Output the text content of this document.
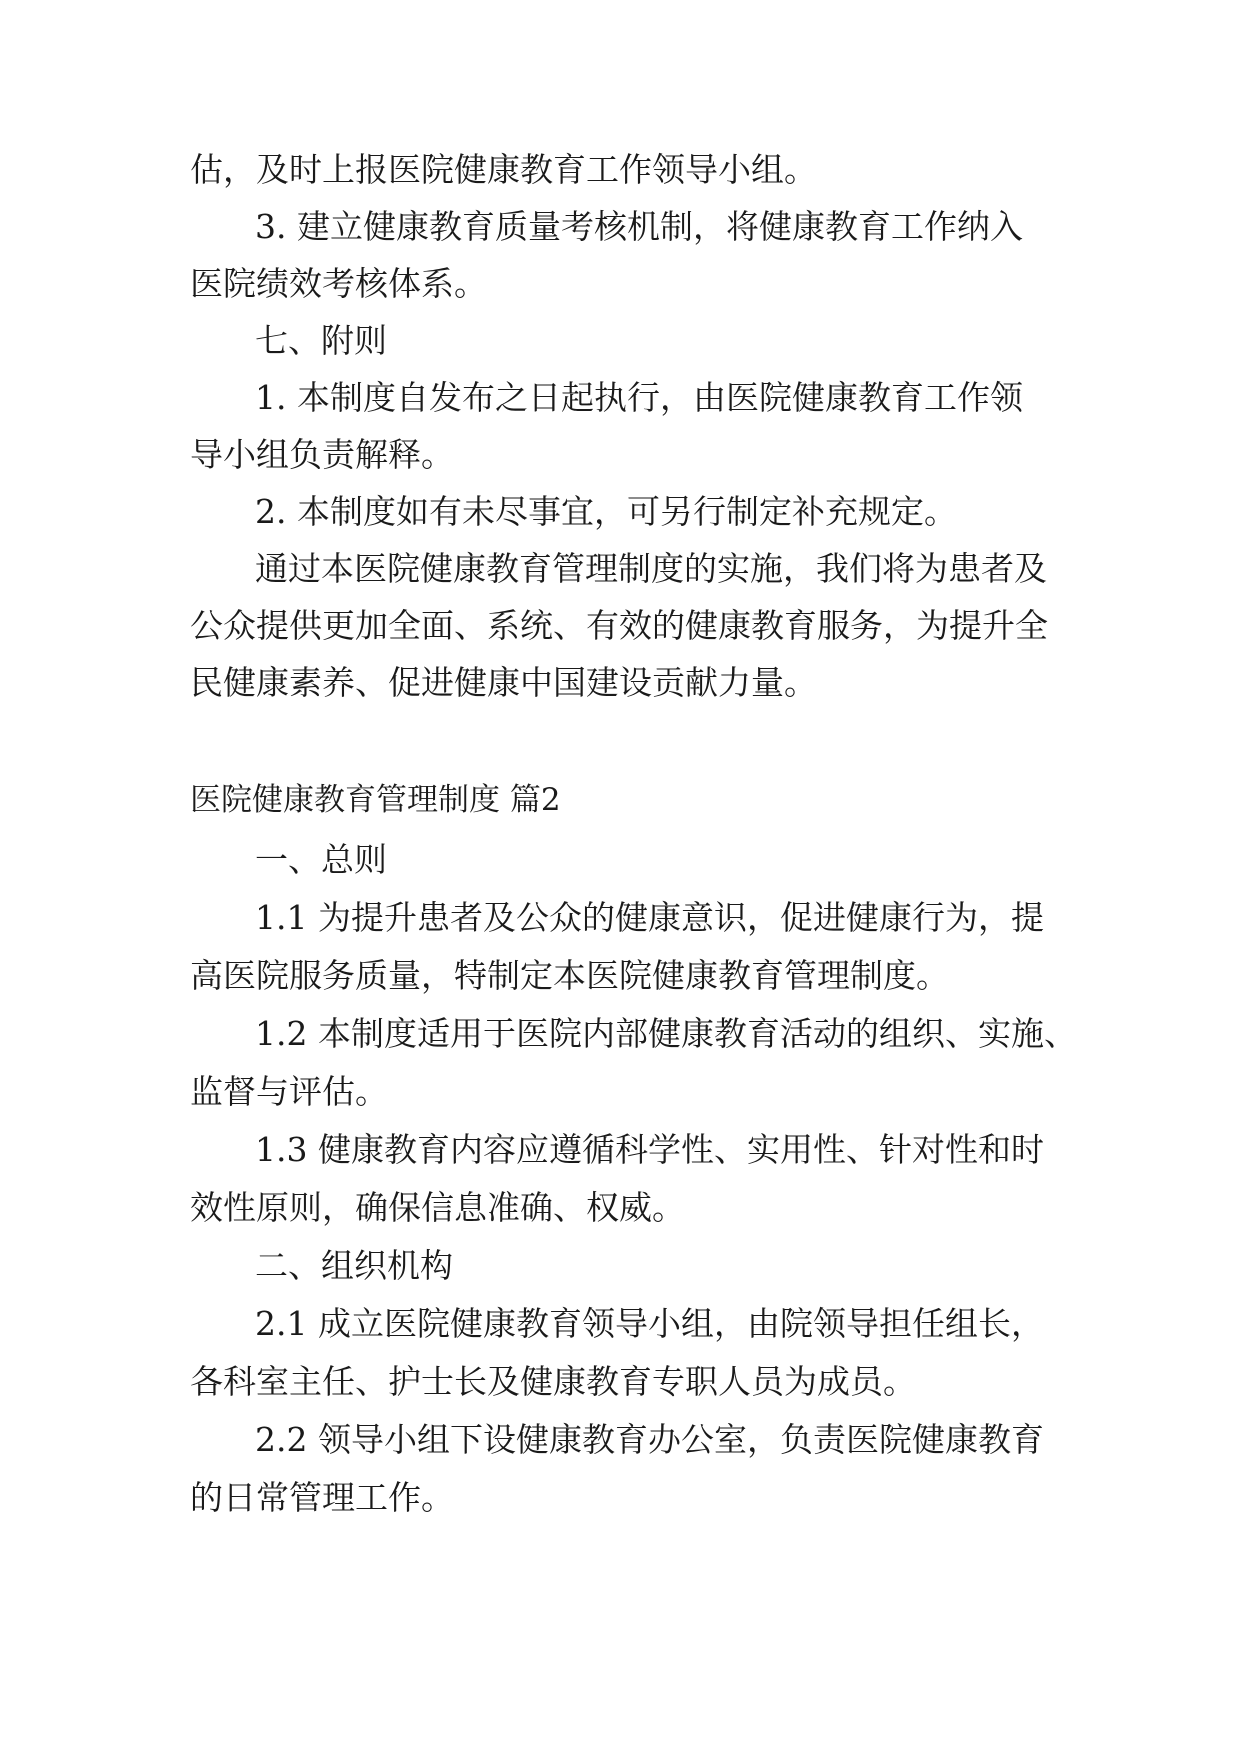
估，及时上报医院健康教育工作领导小组。

3. 建立健康教育质量考核机制，将健康教育工作纳入

医院绩效考核体系。

七、附则

1. 本制度自发布之日起执行，由医院健康教育工作领

导小组负责解释。

2. 本制度如有未尽事宜，可另行制定补充规定。

通过本医院健康教育管理制度的实施，我们将为患者及

公众提供更加全面、系统、有效的健康教育服务，为提升全

民健康素养、促进健康中国建设贡献力量。

医院健康教育管理制度 篇2

一、总则

1.1 为提升患者及公众的健康意识，促进健康行为，提

高医院服务质量，特制定本医院健康教育管理制度。

1.2 本制度适用于医院内部健康教育活动的组织、实施、

监督与评估。

1.3 健康教育内容应遵循科学性、实用性、针对性和时

效性原则，确保信息准确、权威。

二、组织机构

2.1 成立医院健康教育领导小组，由院领导担任组长，

各科室主任、护士长及健康教育专职人员为成员。

2.2 领导小组下设健康教育办公室，负责医院健康教育

的日常管理工作。
